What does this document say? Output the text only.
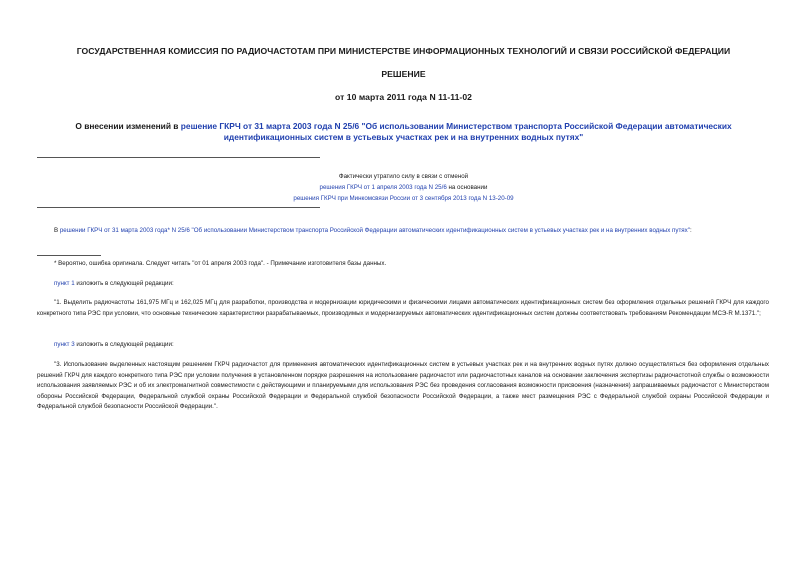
ГОСУДАРСТВЕННАЯ КОМИССИЯ ПО РАДИОЧАСТОТАМ ПРИ МИНИСТЕРСТВЕ ИНФОРМАЦИОННЫХ ТЕХНОЛОГИЙ И СВЯЗИ РОССИЙСКОЙ ФЕДЕРАЦИИ
РЕШЕНИЕ
от 10 марта 2011 года N 11-11-02
О внесении изменений в решение ГКРЧ от 31 марта 2003 года N 25/6 "Об использовании Министерством транспорта Российской Федерации автоматических идентификационных систем в устьевых участках рек и на внутренних водных путях"
Фактически утратило силу в связи с отменой
решения ГКРЧ от 1 апреля 2003 года N 25/6 на основании
решения ГКРЧ при Минкомсвязи России от 3 сентября 2013 года N 13-20-09
В решении ГКРЧ от 31 марта 2003 года* N 25/6 "Об использовании Министерством транспорта Российской Федерации автоматических идентификационных систем в устьевых участках рек и на внутренних водных путях":
* Вероятно, ошибка оригинала. Следует читать "от 01 апреля 2003 года". - Примечание изготовителя базы данных.
пункт 1 изложить в следующей редакции:
"1. Выделить радиочастоты 161,975 МГц и 162,025 МГц для разработки, производства и модернизации юридическими и физическими лицами автоматических идентификационных систем без оформления отдельных решений ГКРЧ для каждого конкретного типа РЭС при условии, что основные технические характеристики разрабатываемых, производимых и модернизируемых автоматических идентификационных систем должны соответствовать требованиям Рекомендации МСЭ-R M.1371.";
пункт 3 изложить в следующей редакции:
"3. Использование выделенных настоящим решением ГКРЧ радиочастот для применения автоматических идентификационных систем в устьевых участках рек и на внутренних водных путях должно осуществляться без оформления отдельных решений ГКРЧ для каждого конкретного типа РЭС при условии получения в установленном порядке разрешения на использование радиочастот или радиочастотных каналов на основании заключения экспертизы радиочастотной службы о возможности использования заявляемых РЭС и об их электромагнитной совместимости с действующими и планируемыми для использования РЭС без проведения согласования возможности присвоения (назначения) запрашиваемых радиочастот с Министерством обороны Российской Федерации, Федеральной службой охраны Российской Федерации и Федеральной службой безопасности Российской Федерации, а также мест размещения РЭС с Федеральной службой охраны Российской Федерации и Федеральной службой безопасности Российской Федерации.".
